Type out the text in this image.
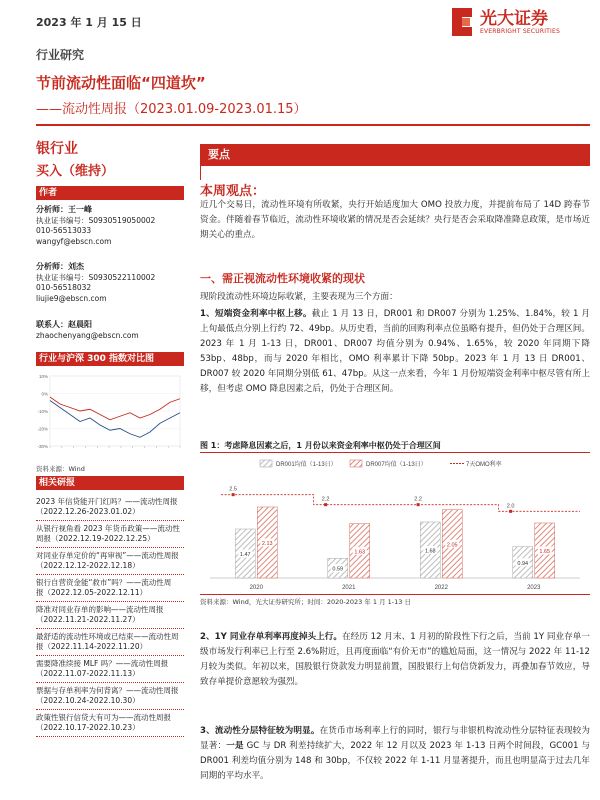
2023 年 1 月 15 日	光大证券
EVERBRIGHT SECURITIES
行业研究
节前流动性面临“四道坎”
——流动性周报（2023.01.09-2023.01.15）
银行业
买入（维持）
作者
分析师：王一峰
执业证书编号：S0930519050002
010-56513033
wangyf@ebscn.com
分析师：刘杰
执业证书编号：S0930522110002
010-56518032
liujie9@ebscn.com
联系人：赵晨阳
zhaochenyang@ebscn.com
行业与沪深 300 指数对比图
-30%
-20%
-10%
0%
10%
资料来源：Wind
相关研报
2023 年信贷能开门红吗？——流动性周报
（2022.12.26-2023.01.02）
从银行视角看 2023 年货币政策——流动性
周报（2022.12.19-2022.12.25）
对同业存单定价的“再审视”——流动性周报
（2022.12.12-2022.12.18）
银行自营资金能“救市”吗？——流动性周
报（2022.12.05-2022.12.11）
降准对同业存单的影响——流动性周报
（2022.11.21-2022.11.27）
最舒适的流动性环境或已结束——流动性周
报（2022.11.14-2022.11.20）
需要降准续接 MLF 吗？——流动性周报
（2022.11.07-2022.11.13）
票据与存单利率为何背离？——流动性周报
（2022.10.24-2022.10.30）
政策性银行信贷大有可为——流动性周报
（2022.10.17-2022.10.23）
要点
本周观点：
近几个交易日，流动性环境有所收紧，央行开始适度加大 OMO 投放力度，并提前布局了 14D 跨春节资金。伴随着春节临近，流动性环境收紧的情况是否会延续？央行是否会采取降准降息政策，是市场近期关心的重点。
一、需正视流动性环境收紧的现状
现阶段流动性环境边际收紧，主要表现为三个方面：
1、短端资金利率中枢上移。截止 1 月 13 日，DR001 和 DR007 分别为 1.25%、1.84%，较 1 月上旬最低点分别上行约 72、49bp。从历史看，当前的回购利率点位虽略有提升，但仍处于合理区间。2023 年 1 月 1-13 日，DR001、DR007 均值分别为 0.94%、1.65%，较 2020 年同期下降 53bp、48bp，而与 2020 年相比，OMO 利率累计下降 50bp。2023 年 1 月 13 日 DR001、DR007 较 2020 年同期分别低 61、47bp。从这一点来看，今年 1 月份短端资金利率中枢尽管有所上移，但考虑 OMO 降息因素之后，仍处于合理区间。
图 1：考虑降息因素之后，1 月份以来资金利率中枢仍处于合理区间
DR001均值（1-13日）	DR007均值（1-13日）	7天OMO利率
1.47
2.13
2.5
2020
0.59
1.63
2.2
2021
1.68
2.05
2.2
2022
0.94
1.65
2.0
2023
资料来源：Wind，光大证券研究所；时间：2020-2023 年 1 月 1-13 日
2、1Y 同业存单利率再度掉头上行。在经历 12 月末、1 月初的阶段性下行之后，当前 1Y 同业存单一级市场发行利率已上行至 2.6%附近，且再度面临“有价无市”的尴尬局面，这一情况与 2022 年 11-12 月较为类似。年初以来，国股银行贷款发力明显前置，国股银行上旬信贷新发力，再叠加春节效应，导致存单提价意愿较为强烈。
3、流动性分层特征较为明显。在货币市场利率上行的同时，银行与非银机构流动性分层特征表现较为显著：一是 GC 与 DR 利差持续扩大，2022 年 12 月以及 2023 年 1-13 日两个时间段，GC001 与 DR001 利差均值分别为 148 和 30bp，不仅较 2022 年 1-11 月显著提升，而且也明显高于过去几年同期的平均水平。
